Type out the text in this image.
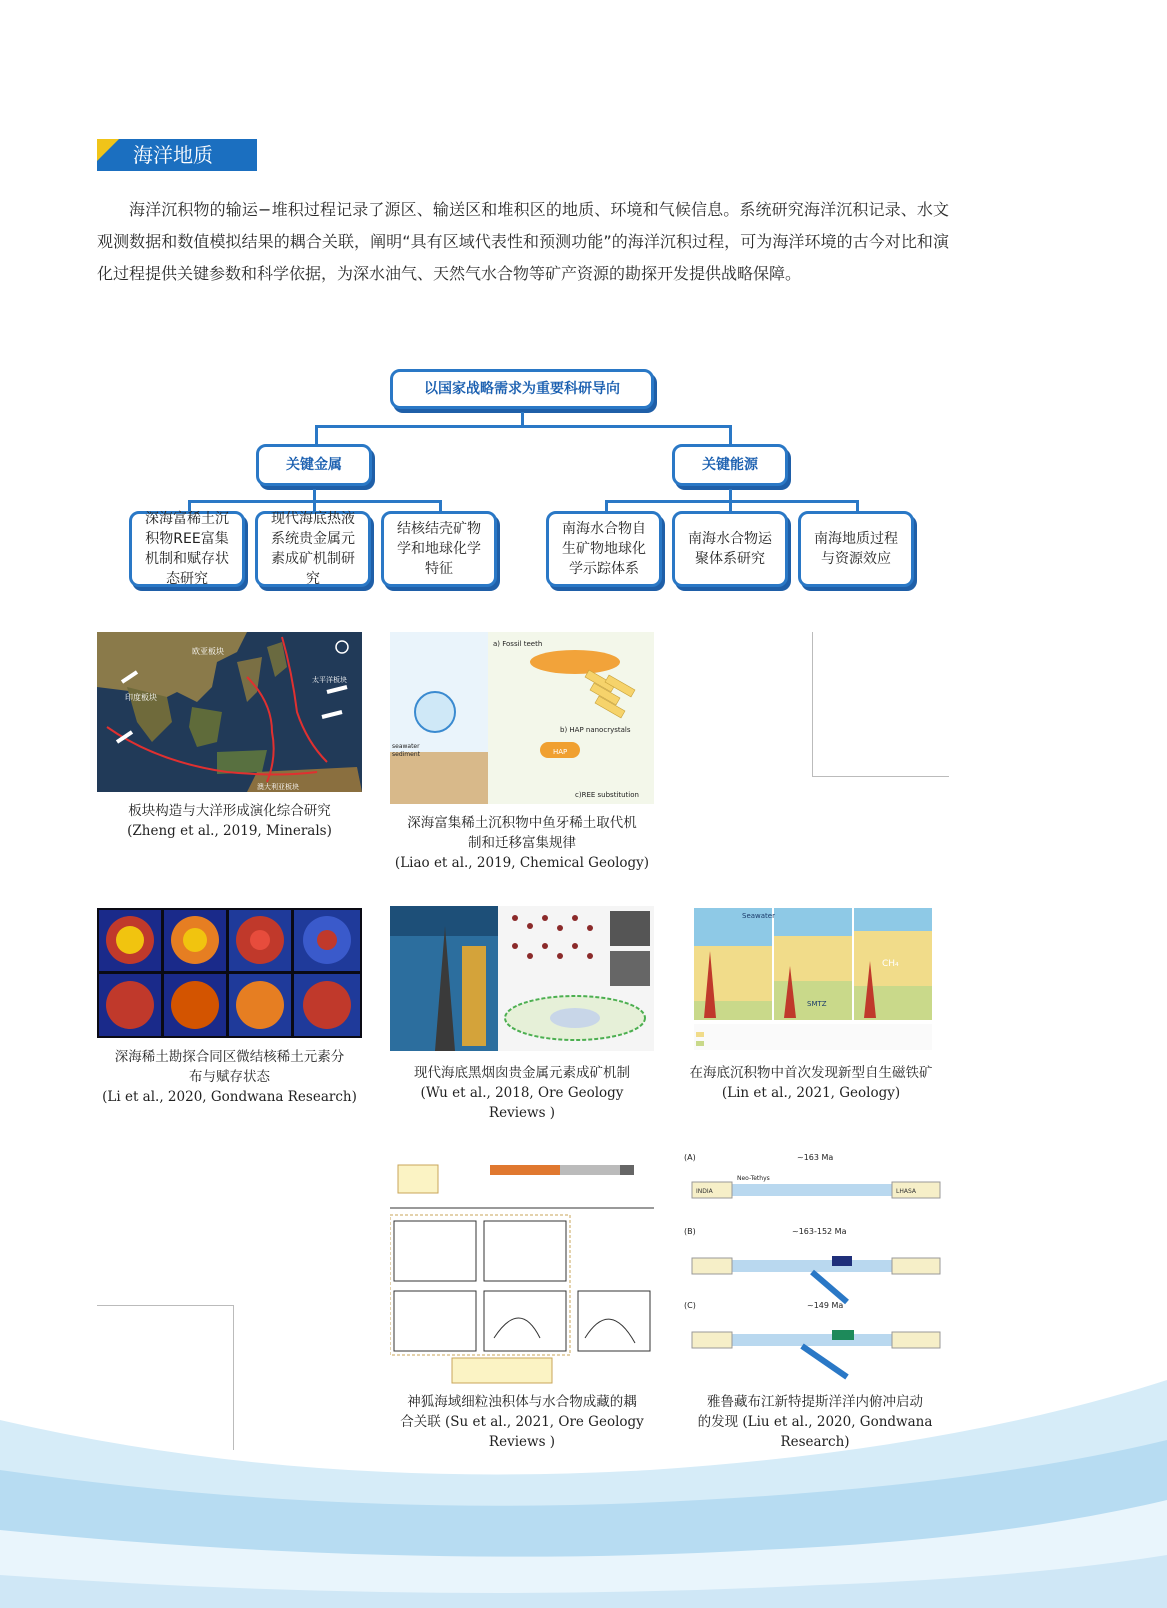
海洋地质

海洋沉积物的输运−堆积过程记录了源区、输送区和堆积区的地质、环境和气候信息。系统研究海洋沉积记录、水文观测数据和数值模拟结果的耦合关联，阐明“具有区域代表性和预测功能”的海洋沉积过程，可为海洋环境的古今对比和演化过程提供关键参数和科学依据，为深水油气、天然气水合物等矿产资源的勘探开发提供战略保障。

以国家战略需求为重要科研导向
关键金属	关键能源
深海富稀土沉积物REE富集机制和赋存状态研究
现代海底热液系统贵金属元素成矿机制研究
结核结壳矿物学和地球化学特征
南海水合物自生矿物地球化学示踪体系
南海水合物运聚体系研究
南海地质过程与资源效应
欧亚板块
印度板块
太平洋板块
澳大利亚板块
板块构造与大洋形成演化综合研究
(Zheng et al., 2019, Minerals)
HAP
a) Fossil teeth
b) HAP nanocrystals
c)REE substitution
seawater
sediment
深海富集稀土沉积物中鱼牙稀土取代机
制和迁移富集规律
(Liao et al., 2019, Chemical Geology)
深海稀土勘探合同区微结核稀土元素分
布与赋存状态
(Li et al., 2020, Gondwana Research)
现代海底黑烟囱贵金属元素成矿机制
(Wu et al., 2018, Ore Geology
Reviews )
Seawater
SMTZ
CH₄
在海底沉积物中首次发现新型自生磁铁矿
(Lin et al., 2021, Geology)
神狐海域细粒浊积体与水合物成藏的耦
合关联 (Su et al., 2021, Ore Geology
Reviews )
INDIA	LHASA
~163 Ma
(A)
Neo-Tethys
~163-152 Ma
(B)
~149 Ma
(C)
雅鲁藏布江新特提斯洋洋内俯冲启动
的发现 (Liu et al., 2020, Gondwana
Research)
